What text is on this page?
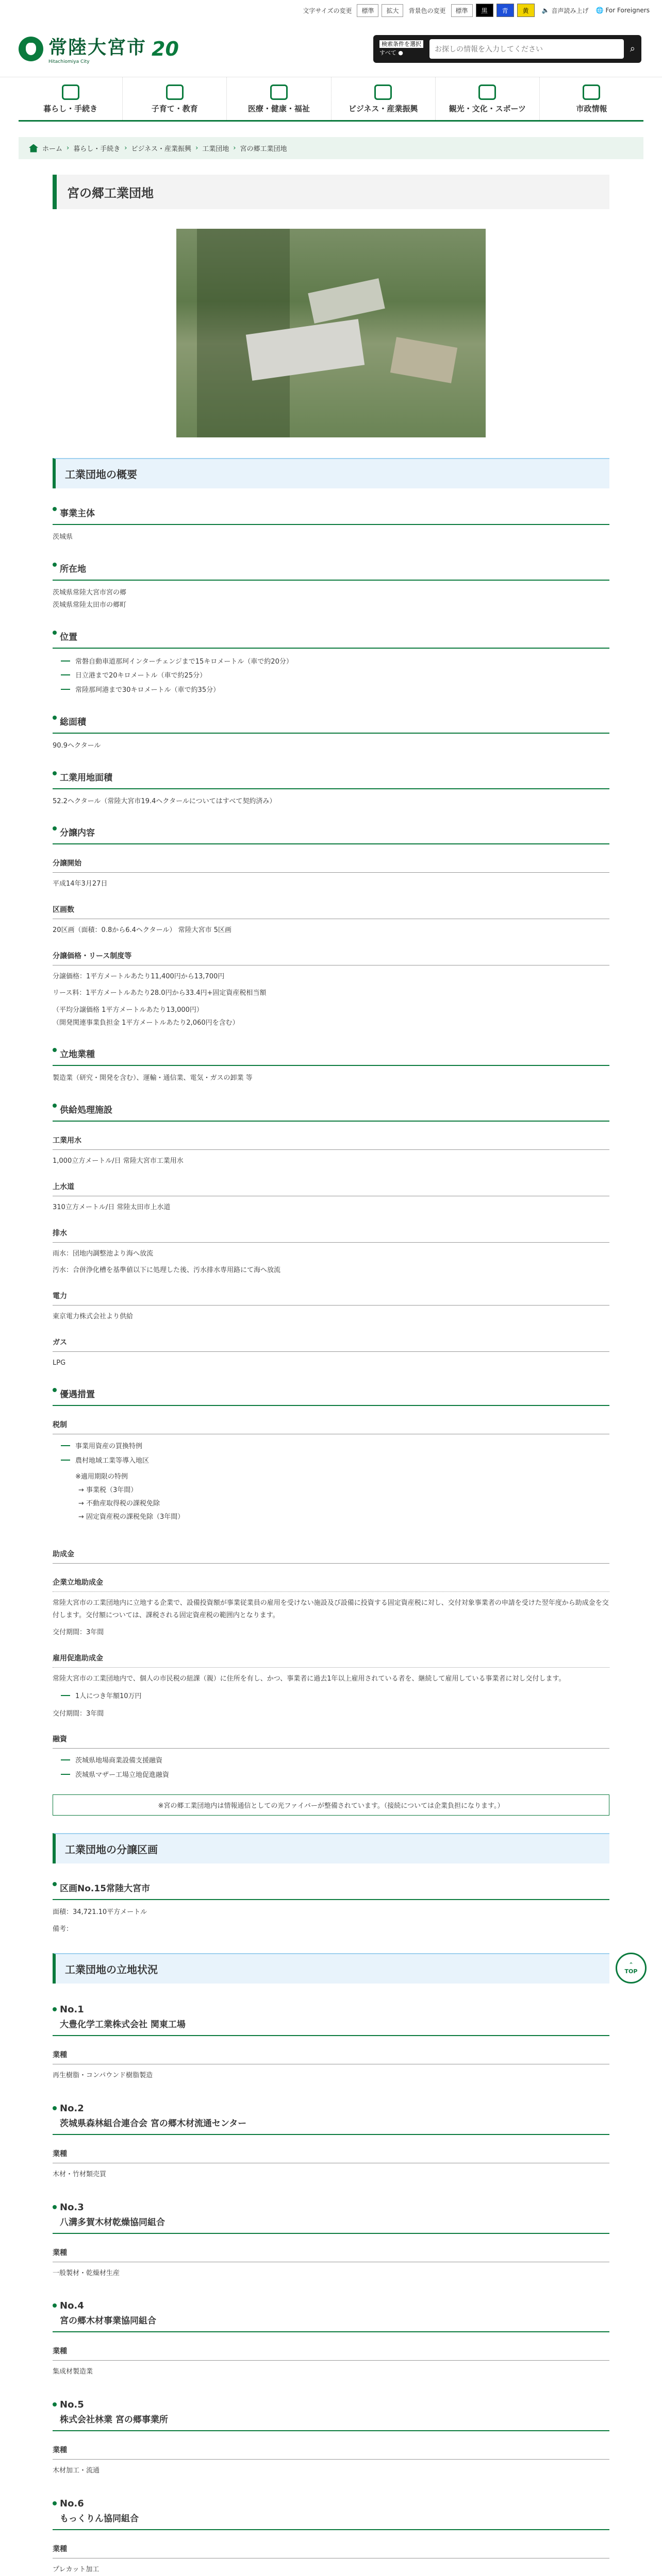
文字サイズの変更	標準	拡大	背景色の変更	標準	黒	青	黄	🔈 音声読み上げ 🌐 For Foreigners
常陸大宮市
Hitachiomiya City
20	検索条件を選択
すべて ●
お探しの情報を入力してください	⌕
暮らし・手続き	子育て・教育	医療・健康・福祉	ビジネス・産業振興	観光・文化・スポーツ	市政情報
ホーム › 暮らし・手続き › ビジネス・産業振興 › 工業団地 › 宮の郷工業団地
宮の郷工業団地
工業団地の概要
事業主体

茨城県

所在地

茨城県常陸大宮市宮の郷

茨城県常陸太田市の郷町

位置
常磐自動車道那珂インターチェンジまで15キロメートル（車で約20分）
日立港まで20キロメートル（車で約25分）
常陸那珂港まで30キロメートル（車で約35分）
総面積

90.9ヘクタール

工業用地面積

52.2ヘクタール（常陸大宮市19.4ヘクタールについてはすべて契約済み）

分譲内容
分譲開始

平成14年3月27日

区画数

20区画（面積：0.8から6.4ヘクタール） 常陸大宮市 5区画

分譲価格・リース制度等

分譲価格：1平方メートルあたり11,400円から13,700円

リース料：1平方メートルあたり28.0円から33.4円+固定資産税相当額

（平均分譲価格 1平方メートルあたり13,000円）

（開発関連事業負担金 1平方メートルあたり2,060円を含む）

立地業種

製造業（研究・開発を含む）、運輸・通信業、電気・ガスの卸業 等

供給処理施設
工業用水

1,000立方メートル/日 常陸大宮市工業用水

上水道

310立方メートル/日 常陸太田市上水道

排水

雨水：団地内調整池より海へ放流

汚水：合併浄化槽を基準値以下に処理した後、汚水排水専用路にて海へ放流

電力

東京電力株式会社より供給

ガス

LPG

優遇措置
税制
事業用資産の買換特例
農村地域工業等導入地区

※適用期限の特例

→ 事業税（3年間）
→ 不動産取得税の課税免除
→ 固定資産税の課税免除（3年間）
助成金
企業立地助成金

常陸大宮市の工業団地内に立地する企業で、設備投資額が事業従業員の雇用を受けない施設及び設備に投資する固定資産税に対し、交付対象事業者の申請を受けた翌年度から助成金を交付します。交付額については、課税される固定資産税の範囲内となります。

交付期間：3年間

雇用促進助成金

常陸大宮市の工業団地内で、個人の市民税の紐課（親）に住所を有し、かつ、事業者に過去1年以上雇用されている者を、継続して雇用している事業者に対し交付します。

1人につき年額10万円

交付期間：3年間

融資
茨城県地場商業設備支援融資
茨城県マザー工場立地促進融資
※宮の郷工業団地内は情報通信としての光ファイバーが整備されています。（接続については企業負担になります。）
工業団地の分譲区画
区画No.15常陸大宮市

面積：34,721.10平方メートル

備考：

工業団地の立地状況
No.1
大豊化学工業株式会社 関東工場
業種

再生樹脂・コンパウンド樹脂製造

No.2
茨城県森林組合連合会 宮の郷木材流通センター
業種

木材・竹材類売買

No.3
八溝多賀木材乾燥協同組合
業種

一般製材・乾燥材生産

No.4
宮の郷木材事業協同組合
業種

集成材製造業

No.5
株式会社林業 宮の郷事業所
業種

木材加工・流通

No.6
もっくりん協同組合
業種

プレカット加工

⌃
TOP
